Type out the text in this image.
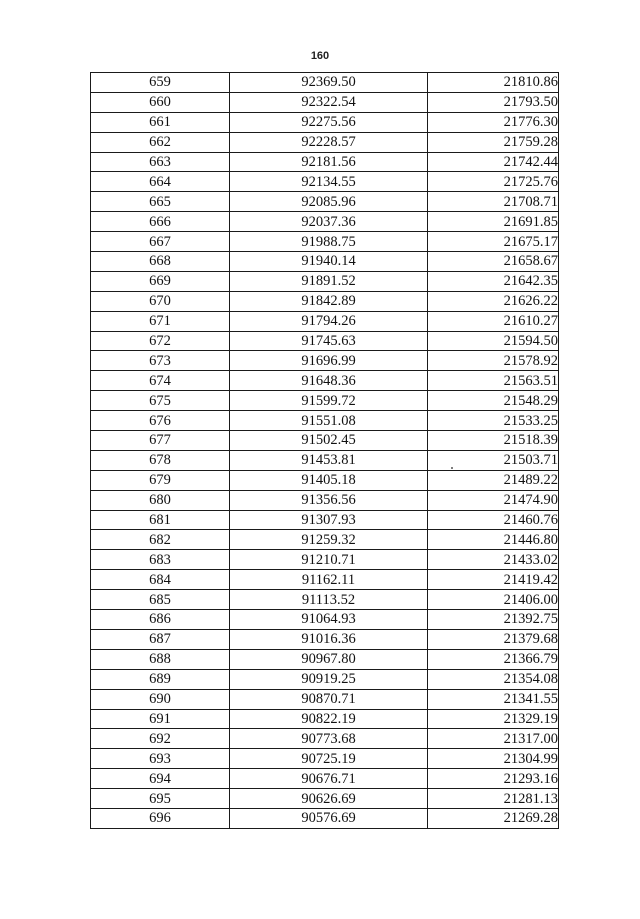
160
659	92369.50	21810.86
660	92322.54	21793.50
661	92275.56	21776.30
662	92228.57	21759.28
663	92181.56	21742.44
664	92134.55	21725.76
665	92085.96	21708.71
666	92037.36	21691.85
667	91988.75	21675.17
668	91940.14	21658.67
669	91891.52	21642.35
670	91842.89	21626.22
671	91794.26	21610.27
672	91745.63	21594.50
673	91696.99	21578.92
674	91648.36	21563.51
675	91599.72	21548.29
676	91551.08	21533.25
677	91502.45	21518.39
678	91453.81	21503.71
679	91405.18	21489.22
680	91356.56	21474.90
681	91307.93	21460.76
682	91259.32	21446.80
683	91210.71	21433.02
684	91162.11	21419.42
685	91113.52	21406.00
686	91064.93	21392.75
687	91016.36	21379.68
688	90967.80	21366.79
689	90919.25	21354.08
690	90870.71	21341.55
691	90822.19	21329.19
692	90773.68	21317.00
693	90725.19	21304.99
694	90676.71	21293.16
695	90626.69	21281.13
696	90576.69	21269.28
